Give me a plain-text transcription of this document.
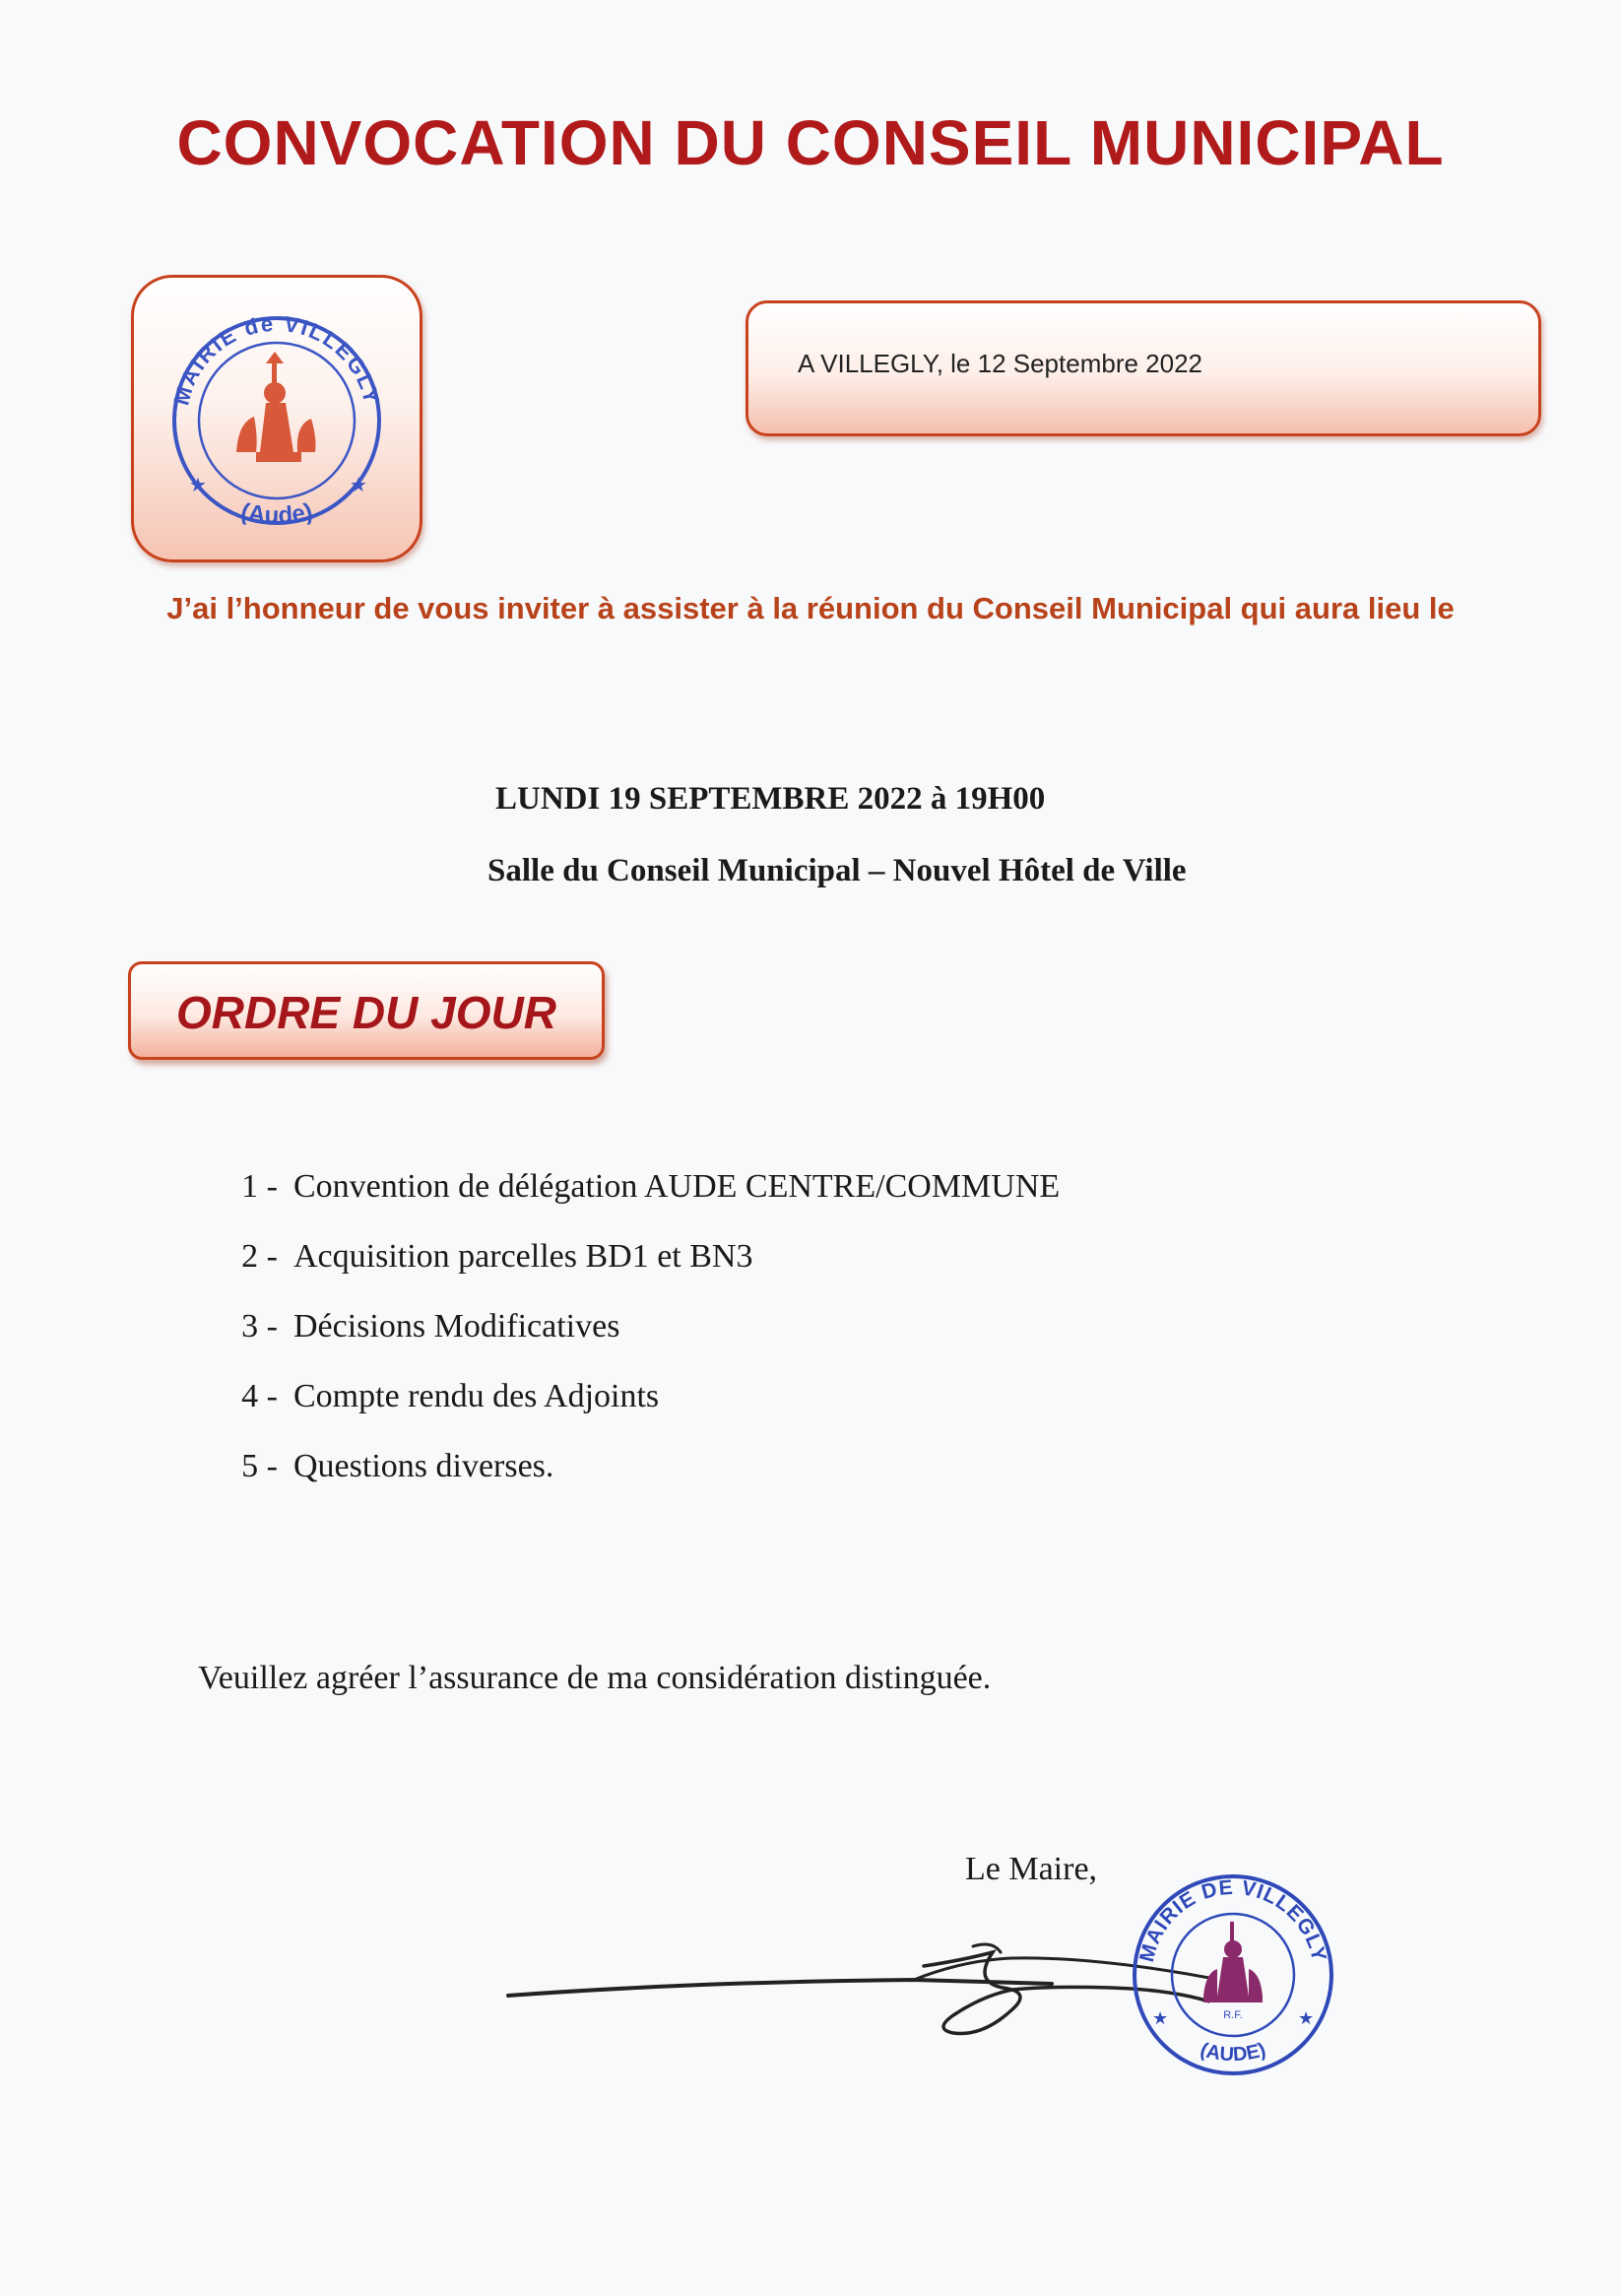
CONVOCATION DU CONSEIL MUNICIPAL
MAIRIE de VILLEGLY
(Aude)
★	★
A VILLEGLY, le 12 Septembre 2022
J’ai l’honneur de vous inviter à assister à la réunion du Conseil Municipal qui aura lieu le
LUNDI 19 SEPTEMBRE 2022 à 19H00
Salle du Conseil Municipal – Nouvel Hôtel de Ville
ORDRE DU JOUR
1 - Convention de délégation AUDE CENTRE/COMMUNE
2 - Acquisition parcelles BD1 et BN3
3 - Décisions Modificatives
4 - Compte rendu des Adjoints
5 - Questions diverses.
Veuillez agréer l’assurance de ma considération distinguée.
Le Maire,
MAIRIE DE VILLEGLY
(AUDE)
★	★
R.F.
